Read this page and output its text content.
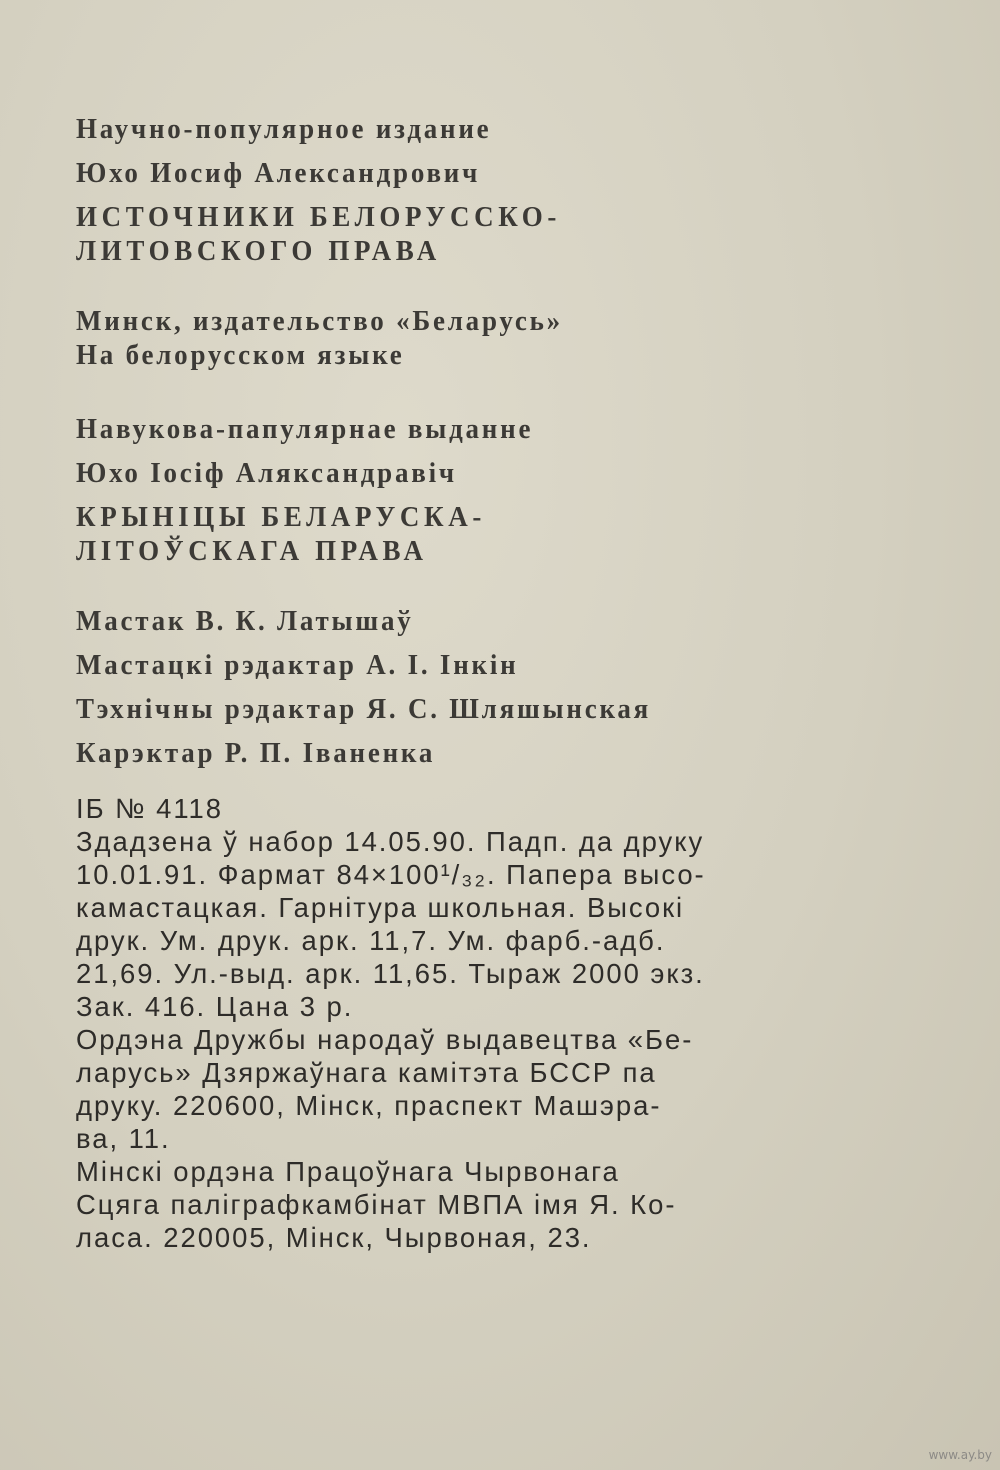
Научно-популярное издание
Юхо Иосиф Александрович
ИСТОЧНИКИ БЕЛОРУССКО-
ЛИТОВСКОГО ПРАВА
Минск, издательство «Беларусь»
На белорусском языке
Навукова-папулярнае выданне
Юхо Іосіф Аляксандравіч
КРЫНІЦЫ БЕЛАРУСКА-
ЛІТОЎСКАГА ПРАВА
Мастак В. К. Латышаў
Мастацкі рэдактар А. І. Інкін
Тэхнічны рэдактар Я. С. Шляшынская
Карэктар Р. П. Іваненка
ІБ № 4118
Здадзена ў набор 14.05.90. Падп. да друку
10.01.91. Фармат 84×100¹/₃₂. Папера высо-
камастацкая. Гарнітура школьная. Высокі
друк. Ум. друк. арк. 11,7. Ум. фарб.-адб.
21,69. Ул.-выд. арк. 11,65. Тыраж 2000 экз.
Зак. 416. Цана 3 р.
Ордэна Дружбы народаў выдавецтва «Бе-
ларусь» Дзяржаўнага камітэта БССР па
друку. 220600, Мінск, праспект Машэра-
ва, 11.
Мінскі ордэна Працоўнага Чырвонага
Сцяга паліграфкамбінат МВПА імя Я. Ко-
ласа. 220005, Мінск, Чырвоная, 23.
www.ay.by
